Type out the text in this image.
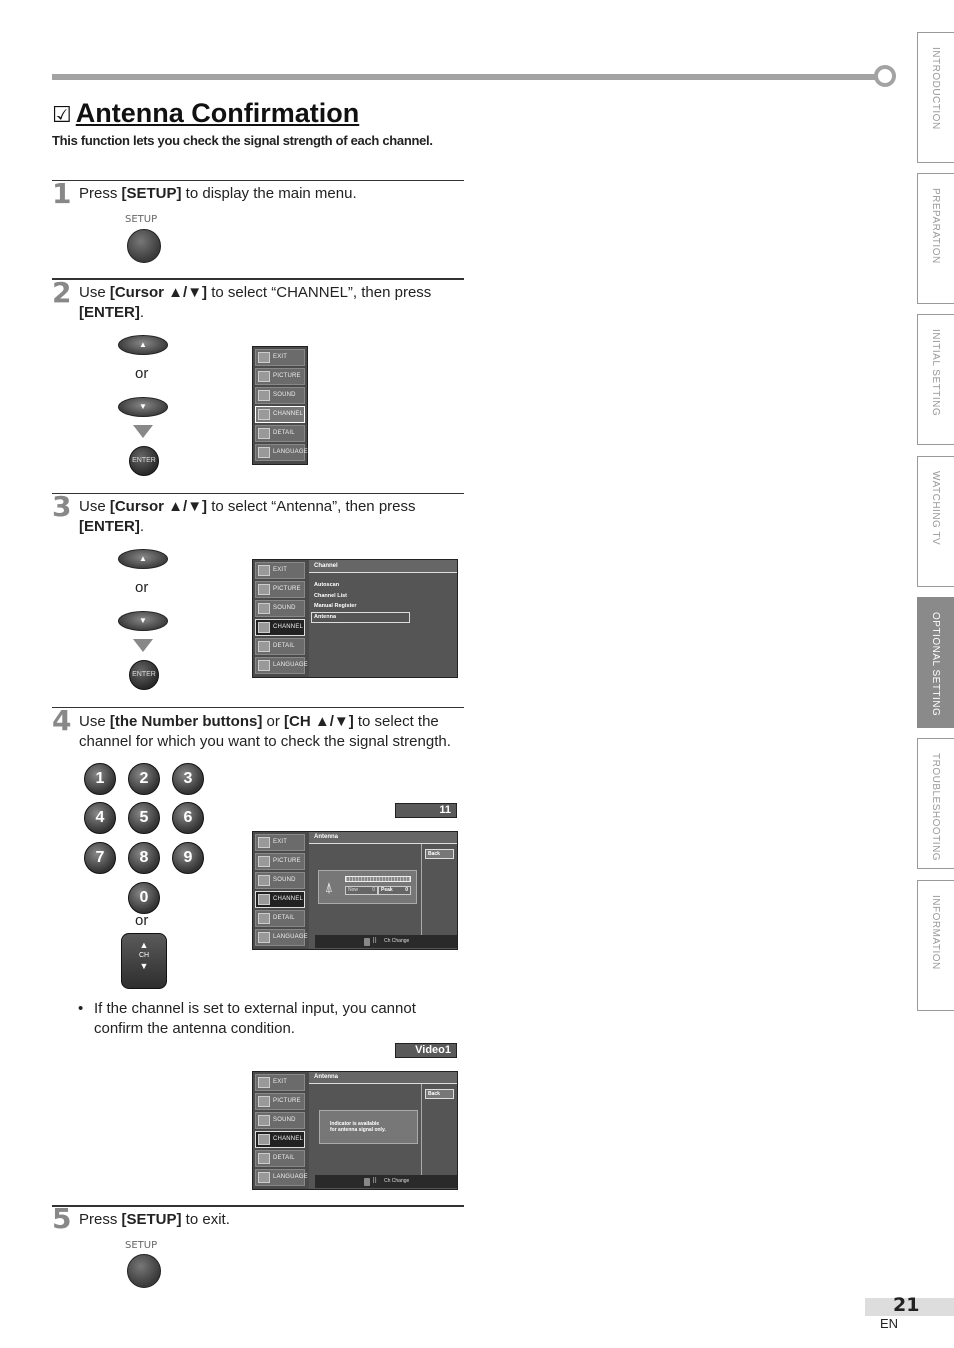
☑ Antenna Confirmation
This function lets you check the signal strength of each channel.
1 Press [SETUP] to display the main menu.
SETUP
2 Use [Cursor ▲/▼] to select “CHANNEL”, then press [ENTER].
▲
or
▼
ENTER
EXIT
PICTURE
SOUND
CHANNEL
DETAIL
LANGUAGE
3 Use [Cursor ▲/▼] to select “Antenna”, then press [ENTER].
▲
or
▼
ENTER
EXIT
PICTURE
SOUND
CHANNEL
DETAIL
LANGUAGE
Channel
Autoscan
Channel List
Manual Register
Antenna
4 Use [the Number buttons] or [CH ▲/▼] to select the channel for which you want to check the signal strength.
1	2	3
4	5	6
7	8	9
0
or
▲
CH
▼
11
EXIT
PICTURE
SOUND
CHANNEL
DETAIL
LANGUAGE
Antenna
Back
⍋	Now	0 Peak	0
⠿ Ch Change
• If the channel is set to external input, you cannot confirm the antenna condition.
Video1
EXIT
PICTURE
SOUND
CHANNEL
DETAIL
LANGUAGE
Antenna
Back
Indicator is available
for antenna signal only.
⠿ Ch Change
5 Press [SETUP] to exit.
SETUP
INTRODUCTION
PREPARATION
INITIAL SETTING
WATCHING TV
OPTIONAL SETTING
TROUBLESHOOTING
INFORMATION
21
EN
